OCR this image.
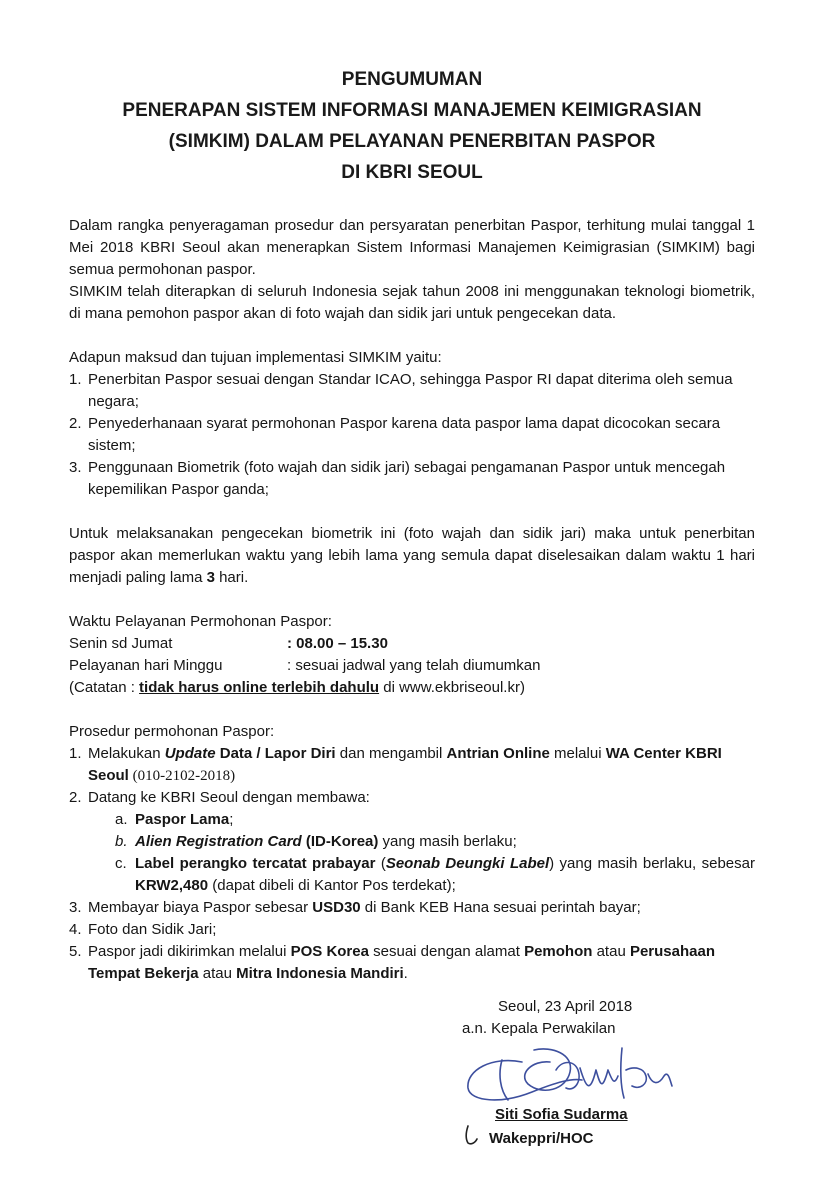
PENGUMUMAN
PENERAPAN SISTEM INFORMASI MANAJEMEN KEIMIGRASIAN
(SIMKIM) DALAM PELAYANAN PENERBITAN PASPOR
DI KBRI SEOUL
Dalam rangka penyeragaman prosedur dan persyaratan penerbitan Paspor, terhitung mulai tanggal 1 Mei 2018 KBRI Seoul akan menerapkan Sistem Informasi Manajemen Keimigrasian (SIMKIM) bagi semua permohonan paspor.
SIMKIM telah diterapkan di seluruh Indonesia sejak tahun 2008 ini menggunakan teknologi biometrik, di mana pemohon paspor akan di foto wajah dan sidik jari untuk pengecekan data.
Adapun maksud dan tujuan implementasi SIMKIM yaitu:
1. Penerbitan Paspor sesuai dengan Standar ICAO, sehingga Paspor RI dapat diterima oleh semua negara;
2. Penyederhanaan syarat permohonan Paspor karena data paspor lama dapat dicocokan secara sistem;
3. Penggunaan Biometrik (foto wajah dan sidik jari) sebagai pengamanan Paspor untuk mencegah kepemilikan Paspor ganda;
Untuk melaksanakan pengecekan biometrik ini (foto wajah dan sidik jari) maka untuk penerbitan paspor akan memerlukan waktu yang lebih lama yang semula dapat diselesaikan dalam waktu 1 hari menjadi paling lama 3 hari.
Waktu Pelayanan Permohonan Paspor:
Senin sd Jumat	: 08.00 – 15.30
Pelayanan hari Minggu	: sesuai jadwal yang telah diumumkan
(Catatan : tidak harus online terlebih dahulu di www.ekbriseoul.kr)
Prosedur permohonan Paspor:
1. Melakukan Update Data / Lapor Diri dan mengambil Antrian Online melalui WA Center KBRI Seoul (010-2102-2018)
2. Datang ke KBRI Seoul dengan membawa:
a. Paspor Lama;
b. Alien Registration Card (ID-Korea) yang masih berlaku;
c. Label perangko tercatat prabayar (Seonab Deungki Label) yang masih berlaku, sebesar KRW2,480 (dapat dibeli di Kantor Pos terdekat);
3. Membayar biaya Paspor sebesar USD30 di Bank KEB Hana sesuai perintah bayar;
4. Foto dan Sidik Jari;
5. Paspor jadi dikirimkan melalui POS Korea sesuai dengan alamat Pemohon atau Perusahaan Tempat Bekerja atau Mitra Indonesia Mandiri.
Seoul, 23 April 2018
a.n. Kepala Perwakilan
Siti Sofia Sudarma
Wakeppri/HOC
